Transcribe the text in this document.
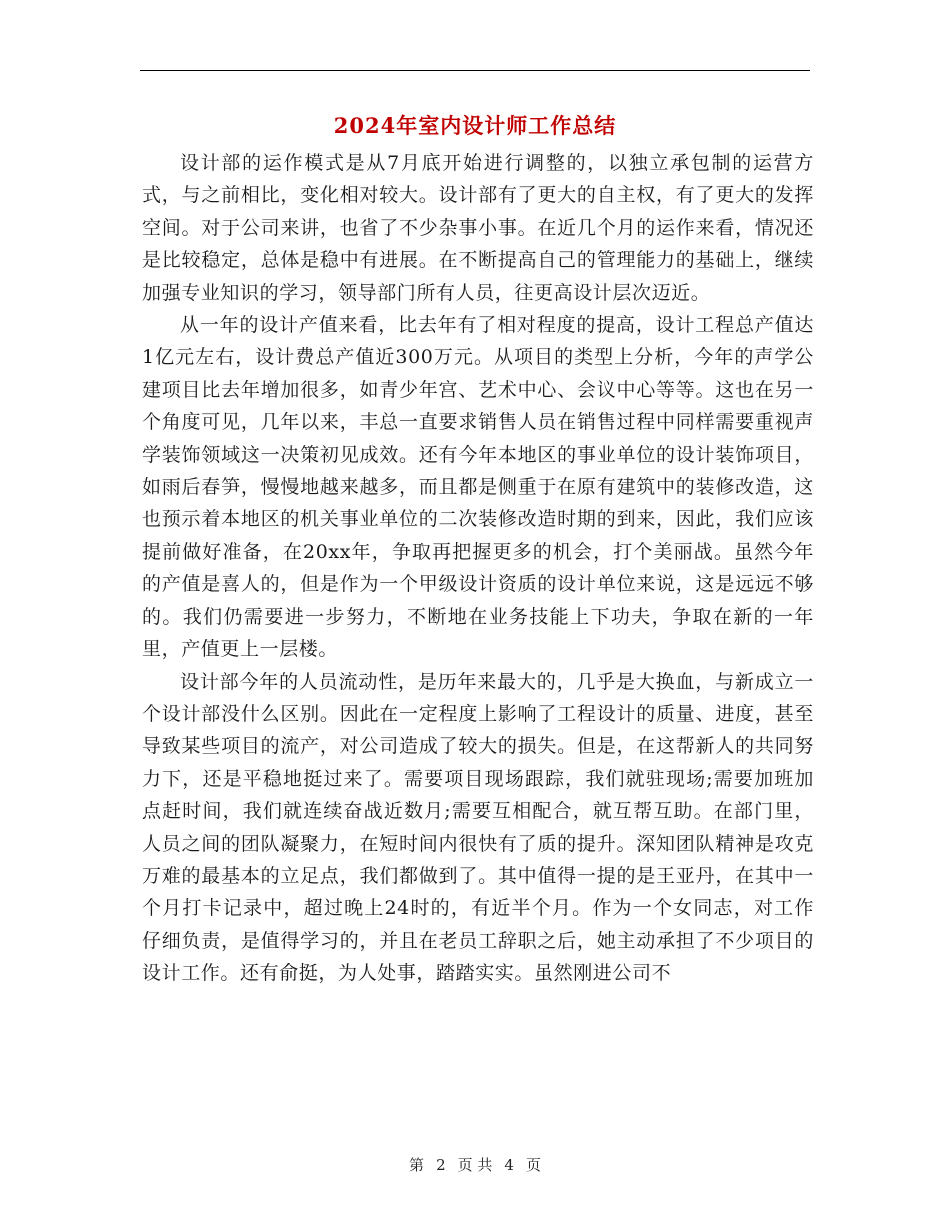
2024年室内设计师工作总结

设计部的运作模式是从7月底开始进行调整的，以独立承包制的运营方式，与之前相比，变化相对较大。设计部有了更大的自主权，有了更大的发挥空间。对于公司来讲，也省了不少杂事小事。在近几个月的运作来看，情况还是比较稳定，总体是稳中有进展。在不断提高自己的管理能力的基础上，继续加强专业知识的学习，领导部门所有人员，往更高设计层次迈近。

从一年的设计产值来看，比去年有了相对程度的提高，设计工程总产值达1亿元左右，设计费总产值近300万元。从项目的类型上分析，今年的声学公建项目比去年增加很多，如青少年宫、艺术中心、会议中心等等。这也在另一个角度可见，几年以来，丰总一直要求销售人员在销售过程中同样需要重视声学装饰领域这一决策初见成效。还有今年本地区的事业单位的设计装饰项目，如雨后春笋，慢慢地越来越多，而且都是侧重于在原有建筑中的装修改造，这也预示着本地区的机关事业单位的二次装修改造时期的到来，因此，我们应该提前做好准备，在20xx年，争取再把握更多的机会，打个美丽战。虽然今年的产值是喜人的，但是作为一个甲级设计资质的设计单位来说，这是远远不够的。我们仍需要进一步努力，不断地在业务技能上下功夫，争取在新的一年里，产值更上一层楼。

设计部今年的人员流动性，是历年来最大的，几乎是大换血，与新成立一个设计部没什么区别。因此在一定程度上影响了工程设计的质量、进度，甚至导致某些项目的流产，对公司造成了较大的损失。但是，在这帮新人的共同努力下，还是平稳地挺过来了。需要项目现场跟踪，我们就驻现场;需要加班加点赶时间，我们就连续奋战近数月;需要互相配合，就互帮互助。在部门里，人员之间的团队凝聚力，在短时间内很快有了质的提升。深知团队精神是攻克万难的最基本的立足点，我们都做到了。其中值得一提的是王亚丹，在其中一个月打卡记录中，超过晚上24时的，有近半个月。作为一个女同志，对工作仔细负责，是值得学习的，并且在老员工辞职之后，她主动承担了不少项目的设计工作。还有俞挺，为人处事，踏踏实实。虽然刚进公司不

第 2 页 共 4 页
